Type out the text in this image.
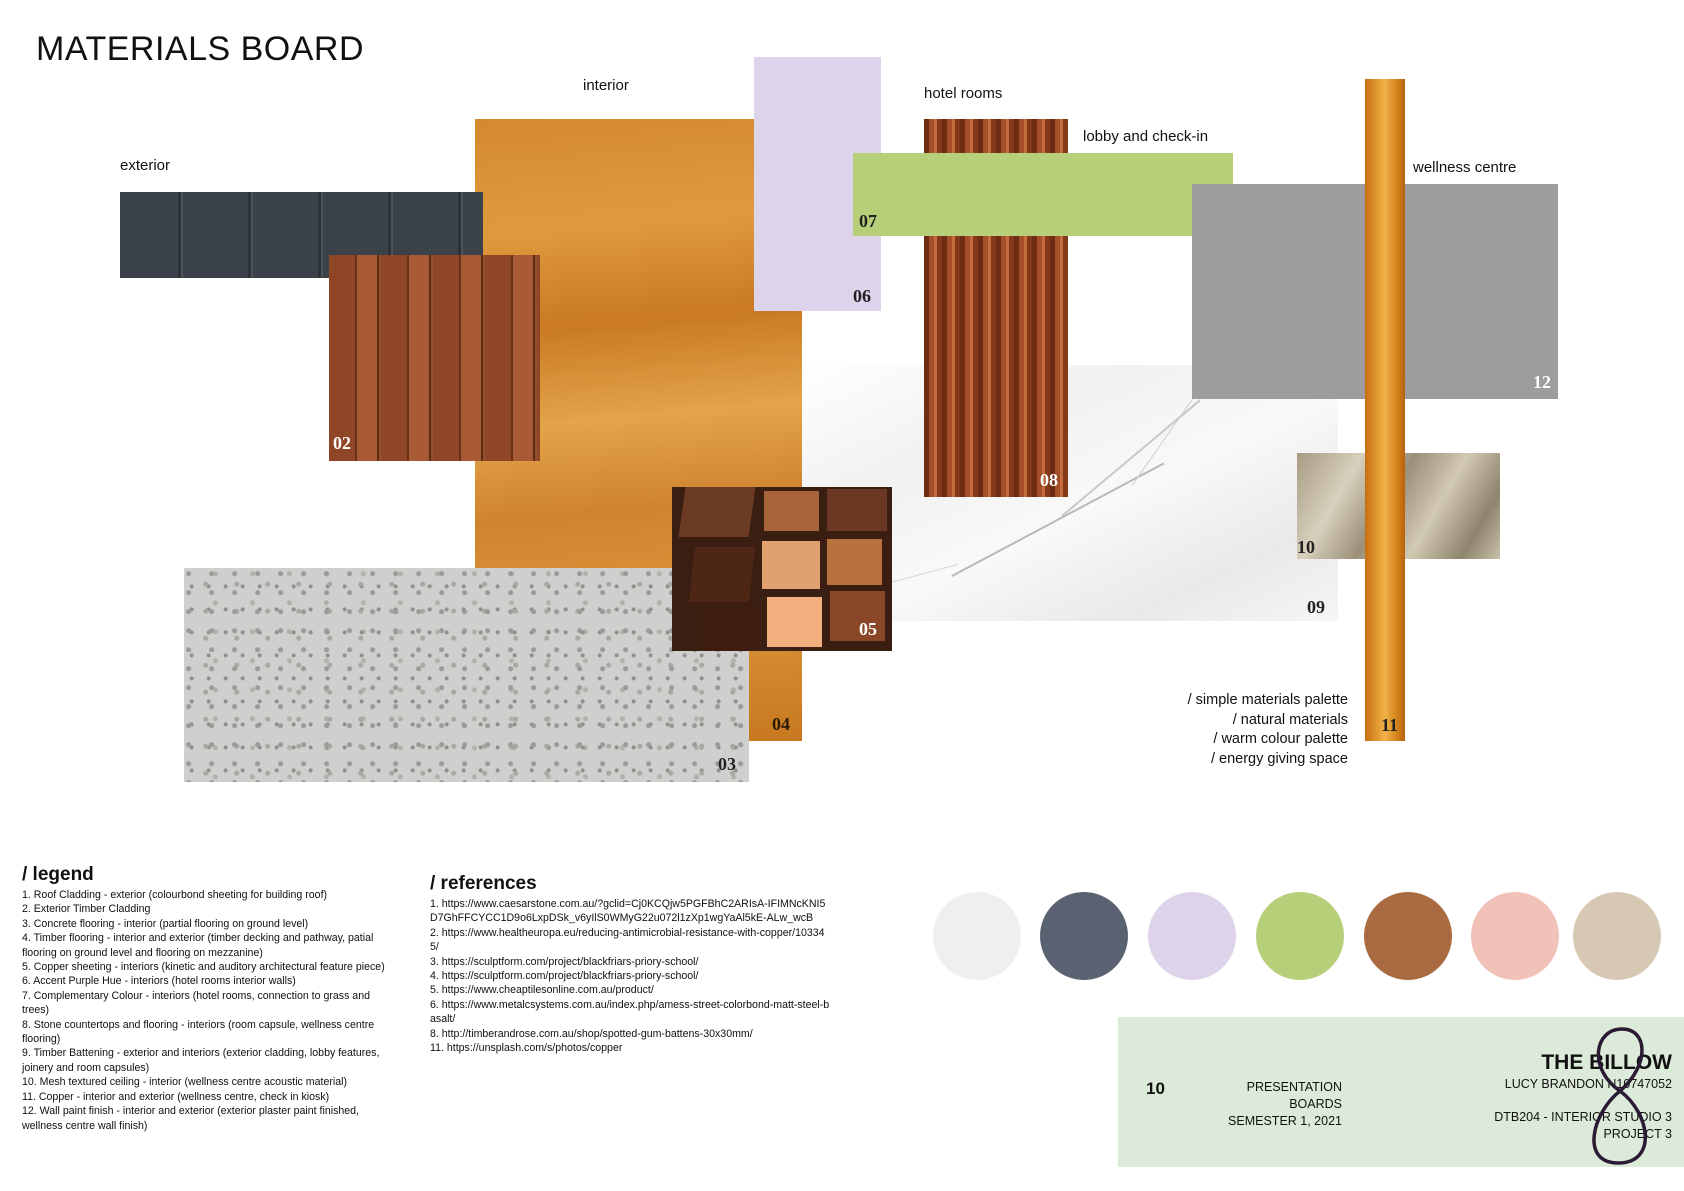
MATERIALS BOARD
exterior
interior	hotel rooms
lobby and check-in
wellness centre
04
02
06
09
08
07
03
05
12
10
11
/ simple materials palette
/ natural materials
/ warm colour palette
/ energy giving space
/ legend
1. Roof Cladding - exterior (colourbond sheeting for building roof)
2. Exterior Timber Cladding
3. Concrete flooring - interior (partial flooring on ground level)
4. Timber flooring - interior and exterior (timber decking and pathway, patial flooring on ground level and flooring on mezzanine)
5. Copper sheeting - interiors (kinetic and auditory architectural feature piece)
6. Accent Purple Hue - interiors (hotel rooms interior walls)
7. Complementary Colour - interiors (hotel rooms, connection to grass and trees)
8. Stone countertops and flooring - interiors (room capsule, wellness centre flooring)
9. Timber Battening - exterior and interiors (exterior cladding, lobby features, joinery and room capsules)
10. Mesh textured ceiling - interior (wellness centre acoustic material)
11. Copper - interior and exterior (wellness centre, check in kiosk)
12. Wall paint finish - interior and exterior (exterior plaster paint finished, wellness centre wall finish)
/ references
1. https://www.caesarstone.com.au/?gclid=Cj0KCQjw5PGFBhC2ARIsA-IFIMNcKNI5D7GhFFCYCC1D9o6LxpDSk_v6yIlS0WMyG22u072l1zXp1wgYaAl5kE-ALw_wcB
2. https://www.healtheuropa.eu/reducing-antimicrobial-resistance-with-copper/103345/
3. https://sculptform.com/project/blackfriars-priory-school/
4. https://sculptform.com/project/blackfriars-priory-school/
5. https://www.cheaptilesonline.com.au/product/
6. https://www.metalcsystems.com.au/index.php/amess-street-colorbond-matt-steel-basalt/
8. http://timberandrose.com.au/shop/spotted-gum-battens-30x30mm/
11. https://unsplash.com/s/photos/copper
10	PRESENTATION BOARDS
SEMESTER 1, 2021
THE BILLOW
LUCY BRANDON N10747052
DTB204 - INTERIOR STUDIO 3
PROJECT 3
